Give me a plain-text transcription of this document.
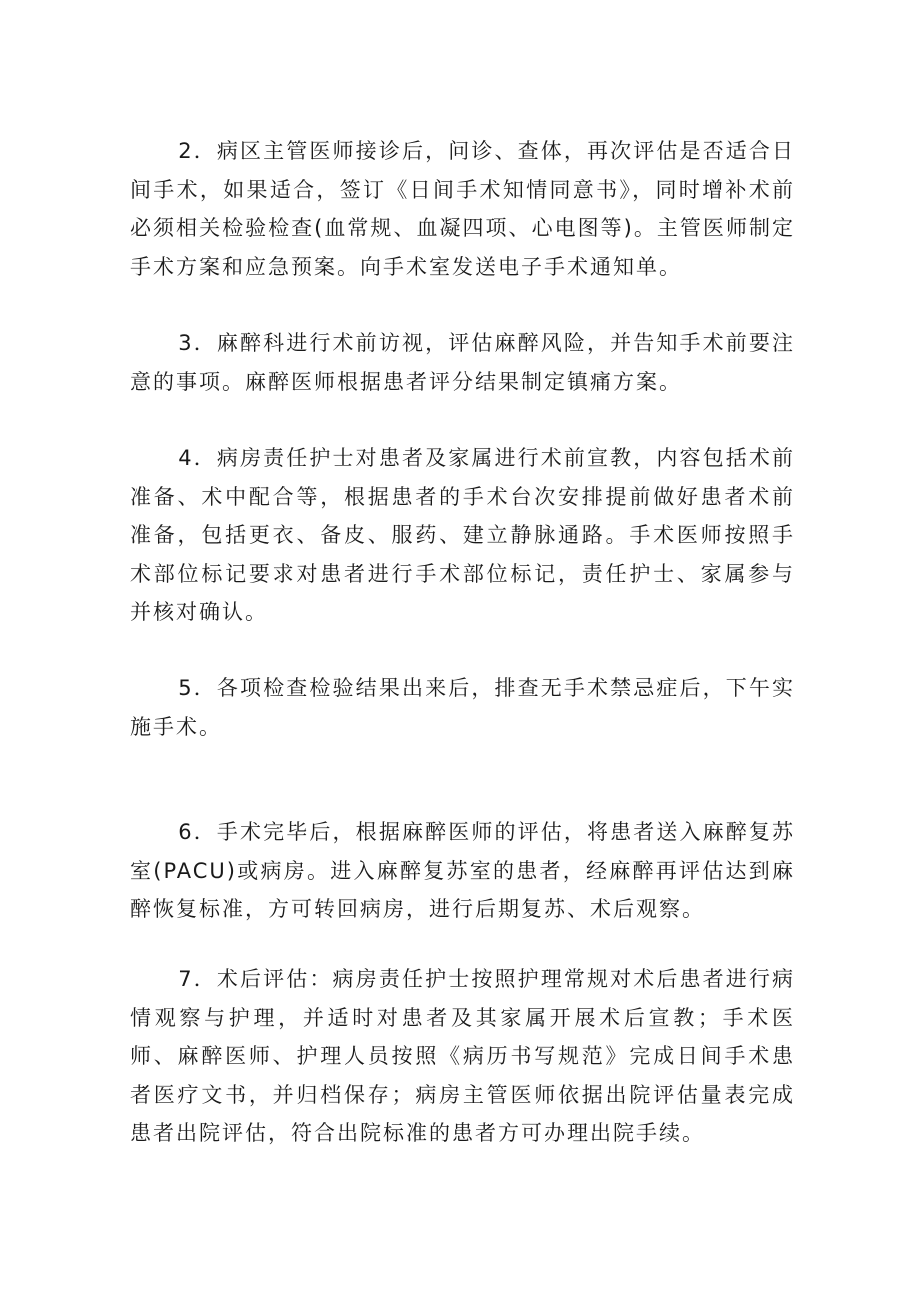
2．病区主管医师接诊后，问诊、查体，再次评估是否适合日间手术，如果适合，签订《日间手术知情同意书》，同时增补术前必须相关检验检查(血常规、血凝四项、心电图等)。主管医师制定手术方案和应急预案。向手术室发送电子手术通知单。

3．麻醉科进行术前访视，评估麻醉风险，并告知手术前要注意的事项。麻醉医师根据患者评分结果制定镇痛方案。

4．病房责任护士对患者及家属进行术前宣教，内容包括术前准备、术中配合等，根据患者的手术台次安排提前做好患者术前准备，包括更衣、备皮、服药、建立静脉通路。手术医师按照手术部位标记要求对患者进行手术部位标记，责任护士、家属参与并核对确认。

5．各项检查检验结果出来后，排查无手术禁忌症后，下午实施手术。

6．手术完毕后，根据麻醉医师的评估，将患者送入麻醉复苏室(PACU)或病房。进入麻醉复苏室的患者，经麻醉再评估达到麻醉恢复标准，方可转回病房，进行后期复苏、术后观察。

7．术后评估：病房责任护士按照护理常规对术后患者进行病情观察与护理，并适时对患者及其家属开展术后宣教；手术医师、麻醉医师、护理人员按照《病历书写规范》完成日间手术患者医疗文书，并归档保存；病房主管医师依据出院评估量表完成患者出院评估，符合出院标准的患者方可办理出院手续。
